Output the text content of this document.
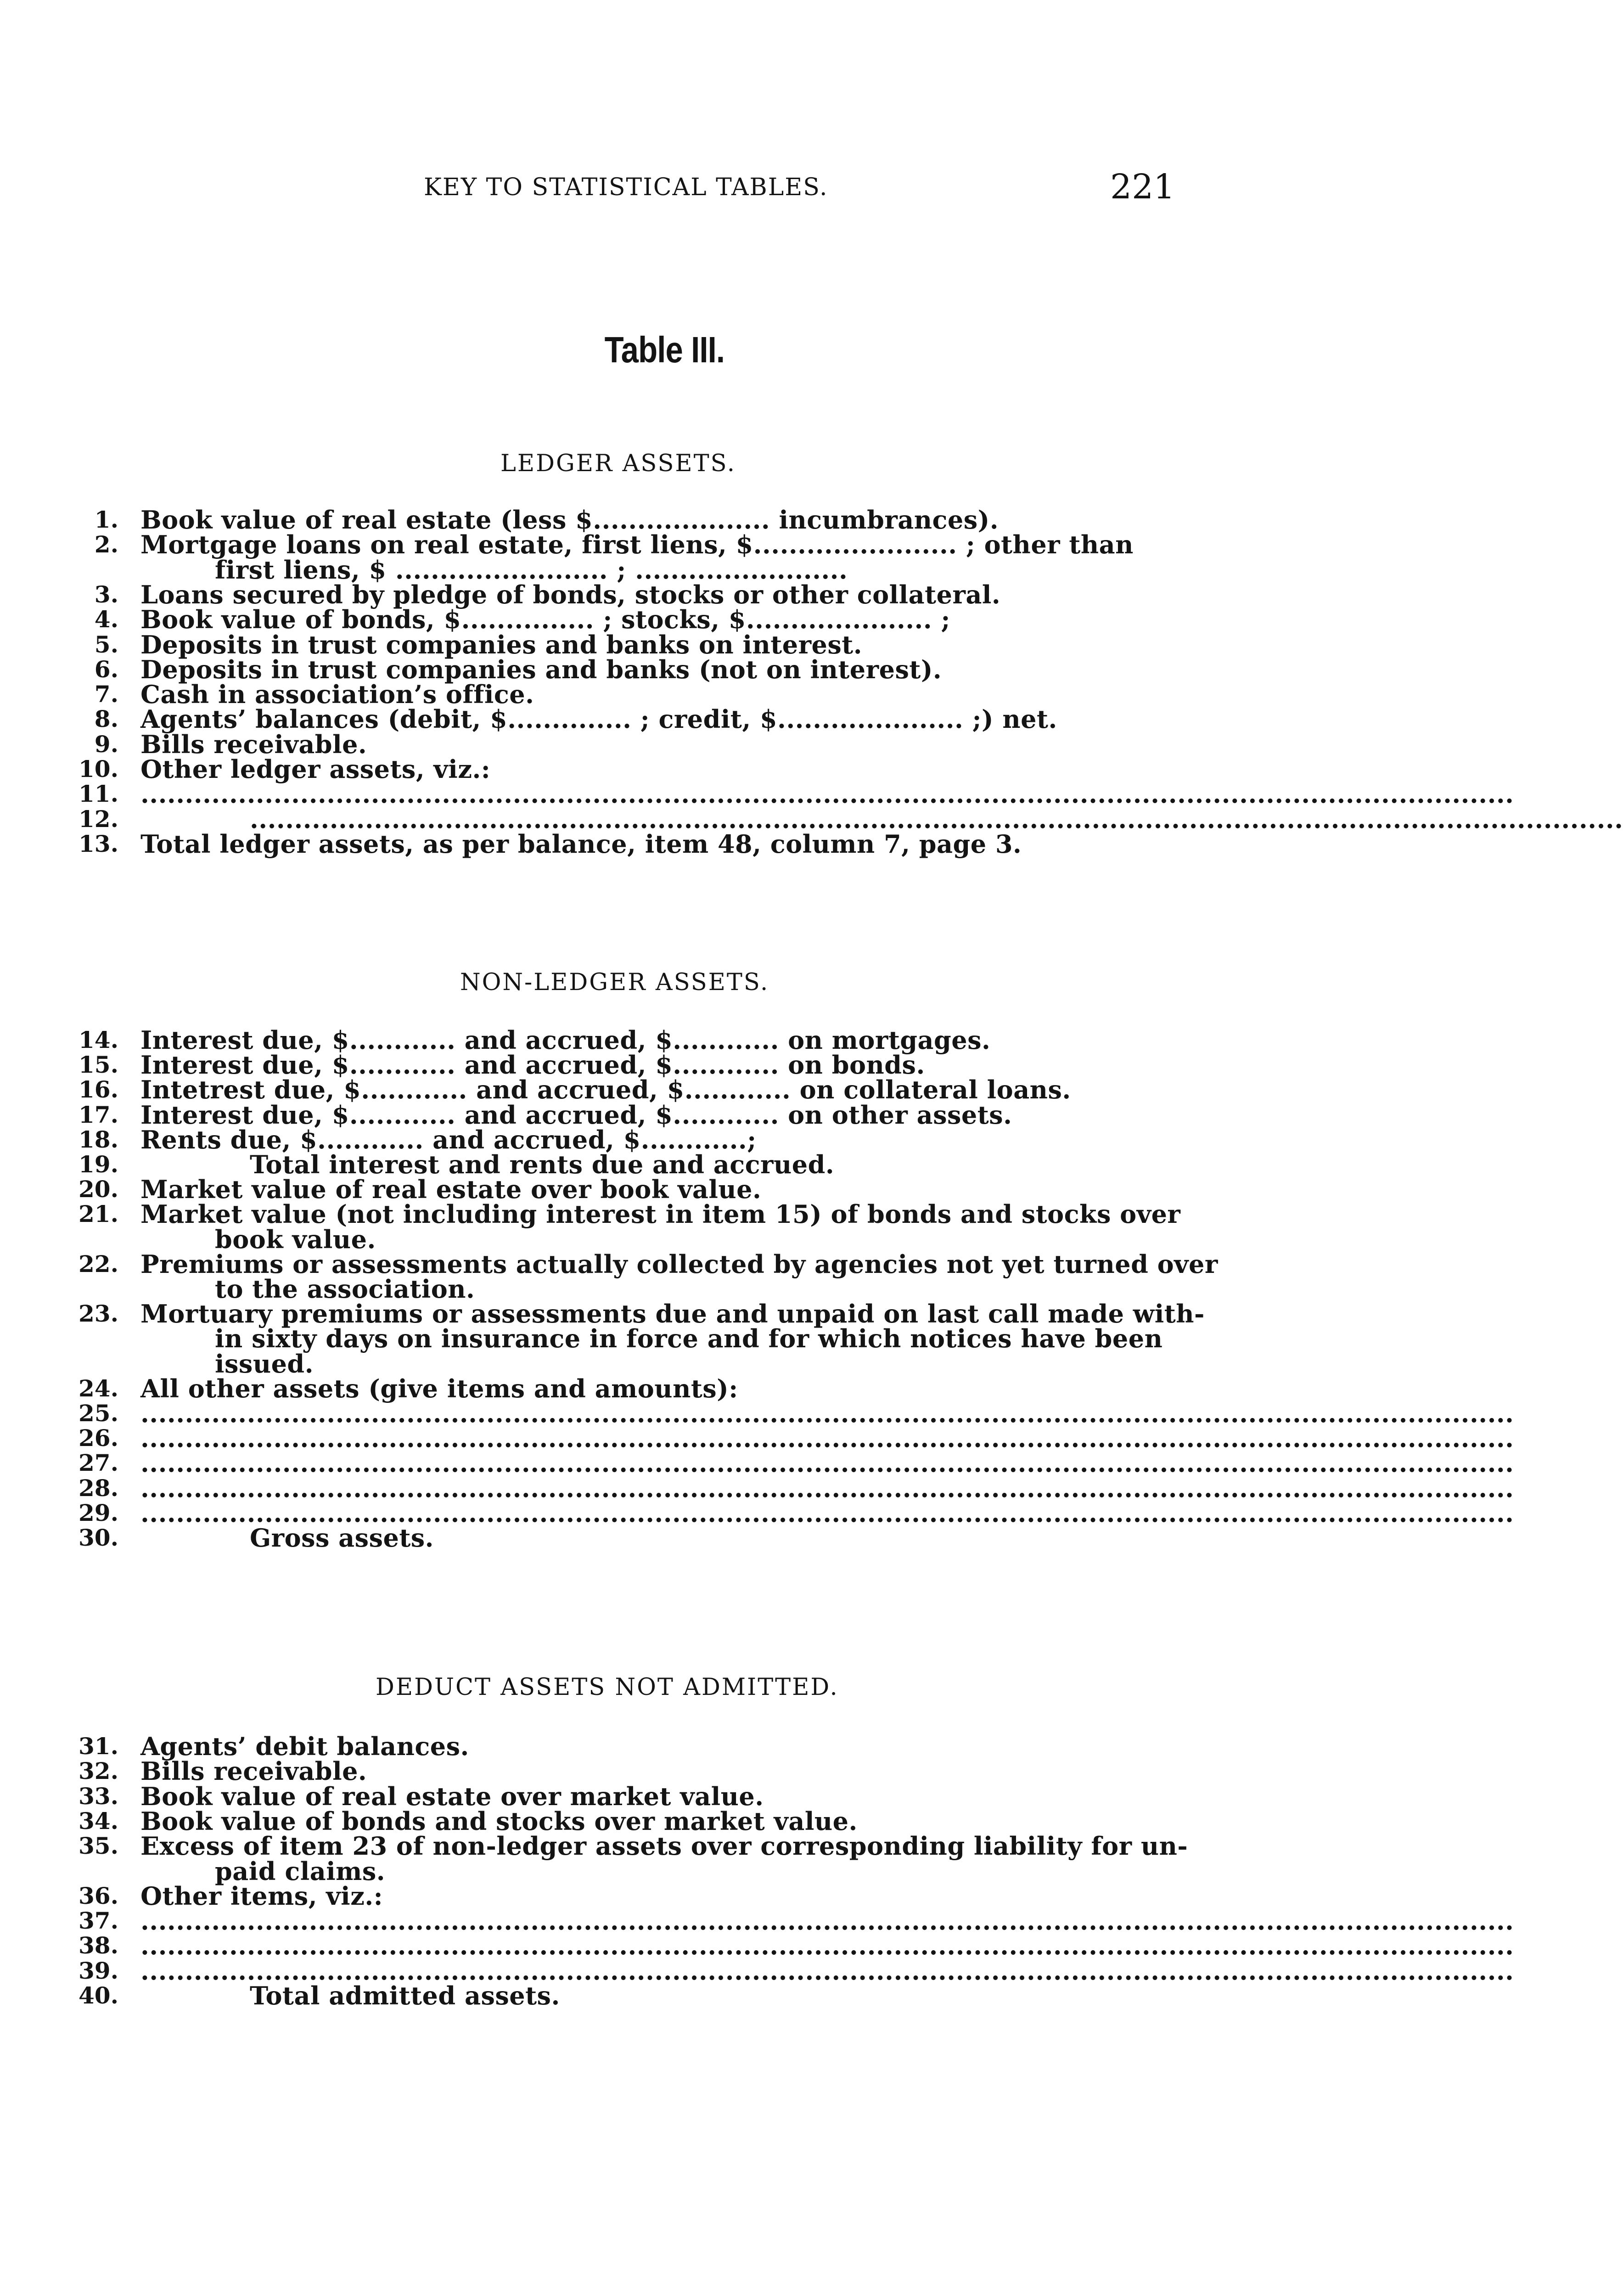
KEY TO STATISTICAL TABLES.	221
Table III.
LEDGER ASSETS.
1. Book value of real estate (less $.................... incumbrances).
2. Mortgage loans on real estate, first liens, $....................... ; other than
first liens, $ ........................ ; ........................
3. Loans secured by pledge of bonds, stocks or other collateral.
4. Book value of bonds, $............... ; stocks, $..................... ;
5. Deposits in trust companies and banks on interest.
6. Deposits in trust companies and banks (not on interest).
7. Cash in association’s office.
8. Agents’ balances (debit, $.............. ; credit, $..................... ;) net.
9. Bills receivable.
10. Other ledger assets, viz.:
11. ...........................................................................................................................................................
12.	...........................................................................................................................................................
13. Total ledger assets, as per balance, item 48, column 7, page 3.
NON-LEDGER ASSETS.
14. Interest due, $............ and accrued, $............ on mortgages.
15. Interest due, $............ and accrued, $............ on bonds.
16. Intetrest due, $............ and accrued, $............ on collateral loans.
17. Interest due, $............ and accrued, $............ on other assets.
18. Rents due, $............ and accrued, $............;
19.	Total interest and rents due and accrued.
20. Market value of real estate over book value.
21. Market value (not including interest in item 15) of bonds and stocks over
book value.
22. Premiums or assessments actually collected by agencies not yet turned over
to the association.
23. Mortuary premiums or assessments due and unpaid on last call made with-
in sixty days on insurance in force and for which notices have been
issued.
24. All other assets (give items and amounts):
25. ...........................................................................................................................................................
26. ...........................................................................................................................................................
27. ...........................................................................................................................................................
28. ...........................................................................................................................................................
29. ...........................................................................................................................................................
30.	Gross assets.
DEDUCT ASSETS NOT ADMITTED.
31. Agents’ debit balances.
32. Bills receivable.
33. Book value of real estate over market value.
34. Book value of bonds and stocks over market value.
35. Excess of item 23 of non-ledger assets over corresponding liability for un-
paid claims.
36. Other items, viz.:
37. ...........................................................................................................................................................
38. ...........................................................................................................................................................
39. ...........................................................................................................................................................
40.	Total admitted assets.
